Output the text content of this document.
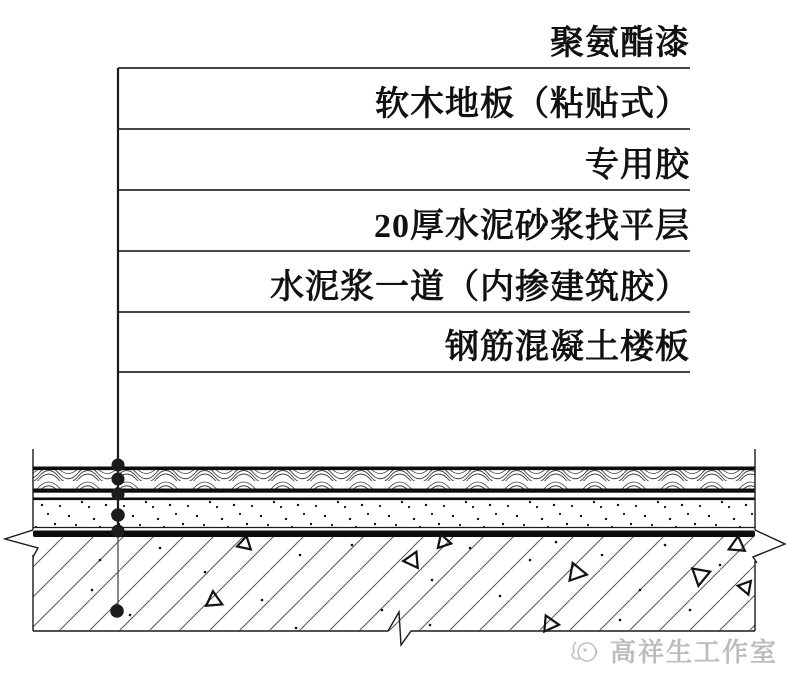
聚氨酯漆
软木地板（粘贴式）
专用胶
20厚水泥砂浆找平层
水泥浆一道（内掺建筑胶）
钢筋混凝土楼板
高祥生工作室
